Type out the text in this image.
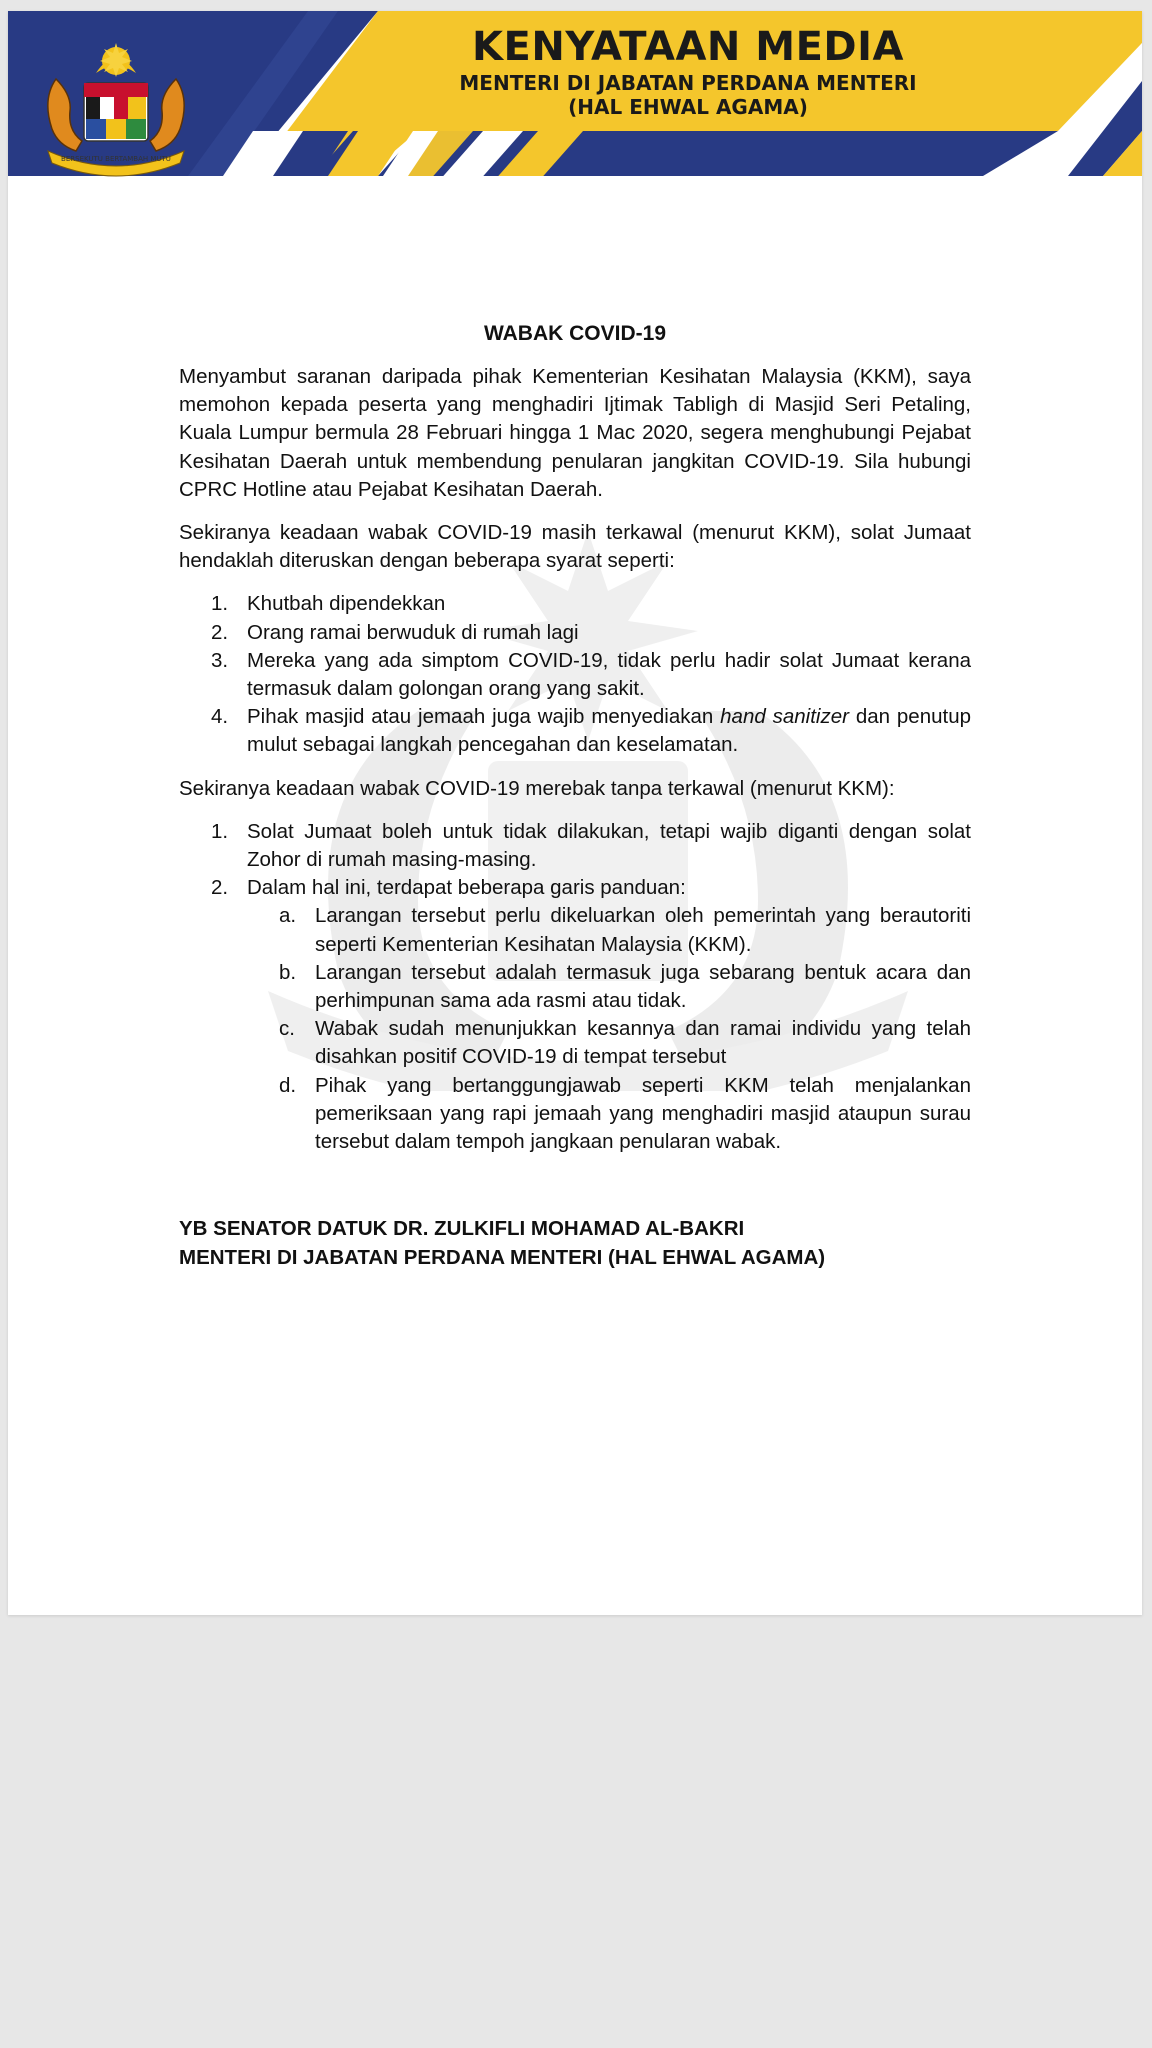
BERSEKUTU BERTAMBAH MUTU
KENYATAAN MEDIA
MENTERI DI JABATAN PERDANA MENTERI
(HAL EHWAL AGAMA)
WABAK COVID-19

Menyambut saranan daripada pihak Kementerian Kesihatan Malaysia (KKM), saya memohon kepada peserta yang menghadiri Ijtimak Tabligh di Masjid Seri Petaling, Kuala Lumpur bermula 28 Februari hingga 1 Mac 2020, segera menghubungi Pejabat Kesihatan Daerah untuk membendung penularan jangkitan COVID-19. Sila hubungi CPRC Hotline atau Pejabat Kesihatan Daerah.

Sekiranya keadaan wabak COVID-19 masih terkawal (menurut KKM), solat Jumaat hendaklah diteruskan dengan beberapa syarat seperti:

1. Khutbah dipendekkan
2. Orang ramai berwuduk di rumah lagi
3. Mereka yang ada simptom COVID-19, tidak perlu hadir solat Jumaat kerana termasuk dalam golongan orang yang sakit.
4. Pihak masjid atau jemaah juga wajib menyediakan hand sanitizer dan penutup mulut sebagai langkah pencegahan dan keselamatan.

Sekiranya keadaan wabak COVID-19 merebak tanpa terkawal (menurut KKM):

1. Solat Jumaat boleh untuk tidak dilakukan, tetapi wajib diganti dengan solat Zohor di rumah masing-masing.
2. Dalam hal ini, terdapat beberapa garis panduan:
a. Larangan tersebut perlu dikeluarkan oleh pemerintah yang berautoriti seperti Kementerian Kesihatan Malaysia (KKM).
b. Larangan tersebut adalah termasuk juga sebarang bentuk acara dan perhimpunan sama ada rasmi atau tidak.
c. Wabak sudah menunjukkan kesannya dan ramai individu yang telah disahkan positif COVID-19 di tempat tersebut
d. Pihak yang bertanggungjawab seperti KKM telah menjalankan pemeriksaan yang rapi jemaah yang menghadiri masjid ataupun surau tersebut dalam tempoh jangkaan penularan wabak.
YB SENATOR DATUK DR. ZULKIFLI MOHAMAD AL-BAKRI
MENTERI DI JABATAN PERDANA MENTERI (HAL EHWAL AGAMA)
